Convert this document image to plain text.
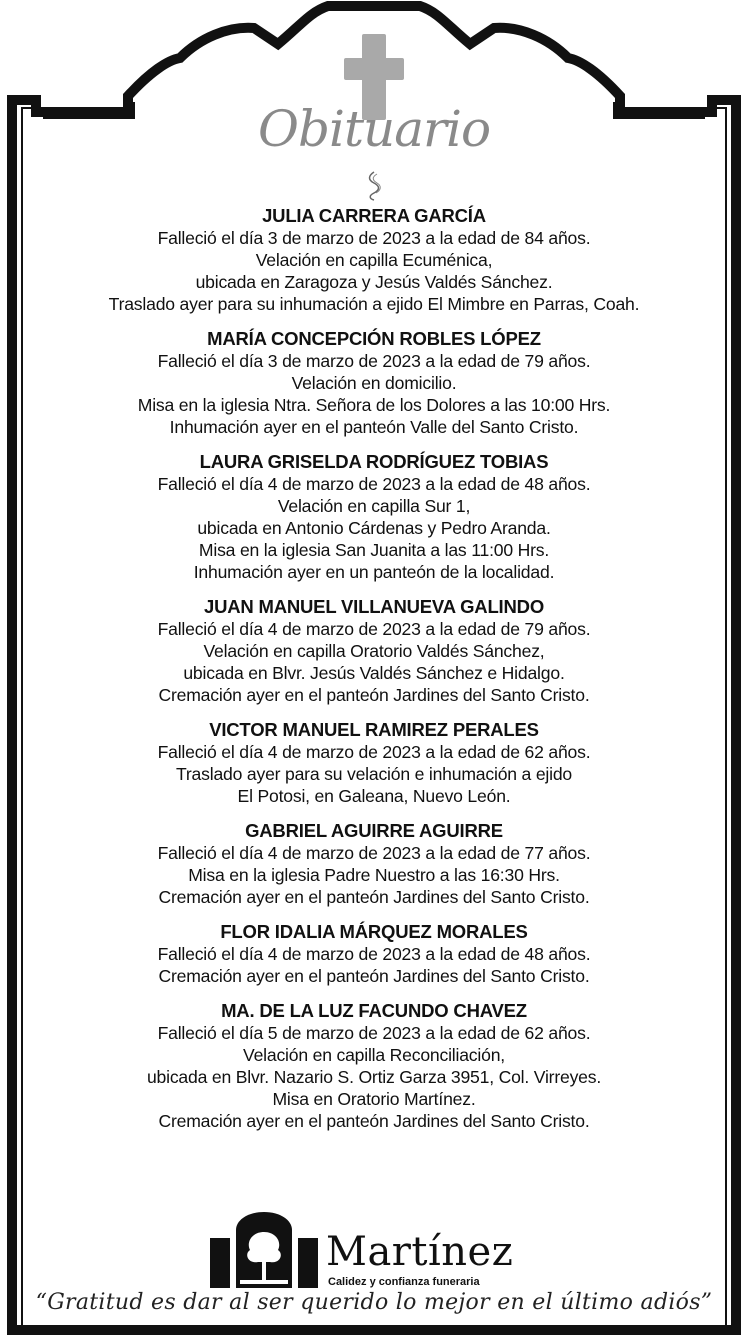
Obituario
JULIA CARRERA GARCÍA
Falleció el día 3 de marzo de 2023 a la edad de 84 años.
Velación en capilla Ecuménica,
ubicada en Zaragoza y Jesús Valdés Sánchez.
Traslado ayer para su inhumación a ejido El Mimbre en Parras, Coah.
MARÍA CONCEPCIÓN ROBLES LÓPEZ
Falleció el día 3 de marzo de 2023 a la edad de 79 años.
Velación en domicilio.
Misa en la iglesia Ntra. Señora de los Dolores a las 10:00 Hrs.
Inhumación ayer en el panteón Valle del Santo Cristo.
LAURA GRISELDA RODRÍGUEZ TOBIAS
Falleció el día 4 de marzo de 2023 a la edad de 48 años.
Velación en capilla Sur 1,
ubicada en Antonio Cárdenas y Pedro Aranda.
Misa en la iglesia San Juanita a las 11:00 Hrs.
Inhumación ayer en un panteón de la localidad.
JUAN MANUEL VILLANUEVA GALINDO
Falleció el día 4 de marzo de 2023 a la edad de 79 años.
Velación en capilla Oratorio Valdés Sánchez,
ubicada en Blvr. Jesús Valdés Sánchez e Hidalgo.
Cremación ayer en el panteón Jardines del Santo Cristo.
VICTOR MANUEL RAMIREZ PERALES
Falleció el día 4 de marzo de 2023 a la edad de 62 años.
Traslado ayer para su velación e inhumación a ejido
El Potosi, en Galeana, Nuevo León.
GABRIEL AGUIRRE AGUIRRE
Falleció el día 4 de marzo de 2023 a la edad de 77 años.
Misa en la iglesia Padre Nuestro a las 16:30 Hrs.
Cremación ayer en el panteón Jardines del Santo Cristo.
FLOR IDALIA MÁRQUEZ MORALES
Falleció el día 4 de marzo de 2023 a la edad de 48 años.
Cremación ayer en el panteón Jardines del Santo Cristo.
MA. DE LA LUZ FACUNDO CHAVEZ
Falleció el día 5 de marzo de 2023 a la edad de 62 años.
Velación en capilla Reconciliación,
ubicada en Blvr. Nazario S. Ortiz Garza 3951, Col. Virreyes.
Misa en Oratorio Martínez.
Cremación ayer en el panteón Jardines del Santo Cristo.
Martínez
Calidez y confianza funeraria
“Gratitud es dar al ser querido lo mejor en el último adiós”
